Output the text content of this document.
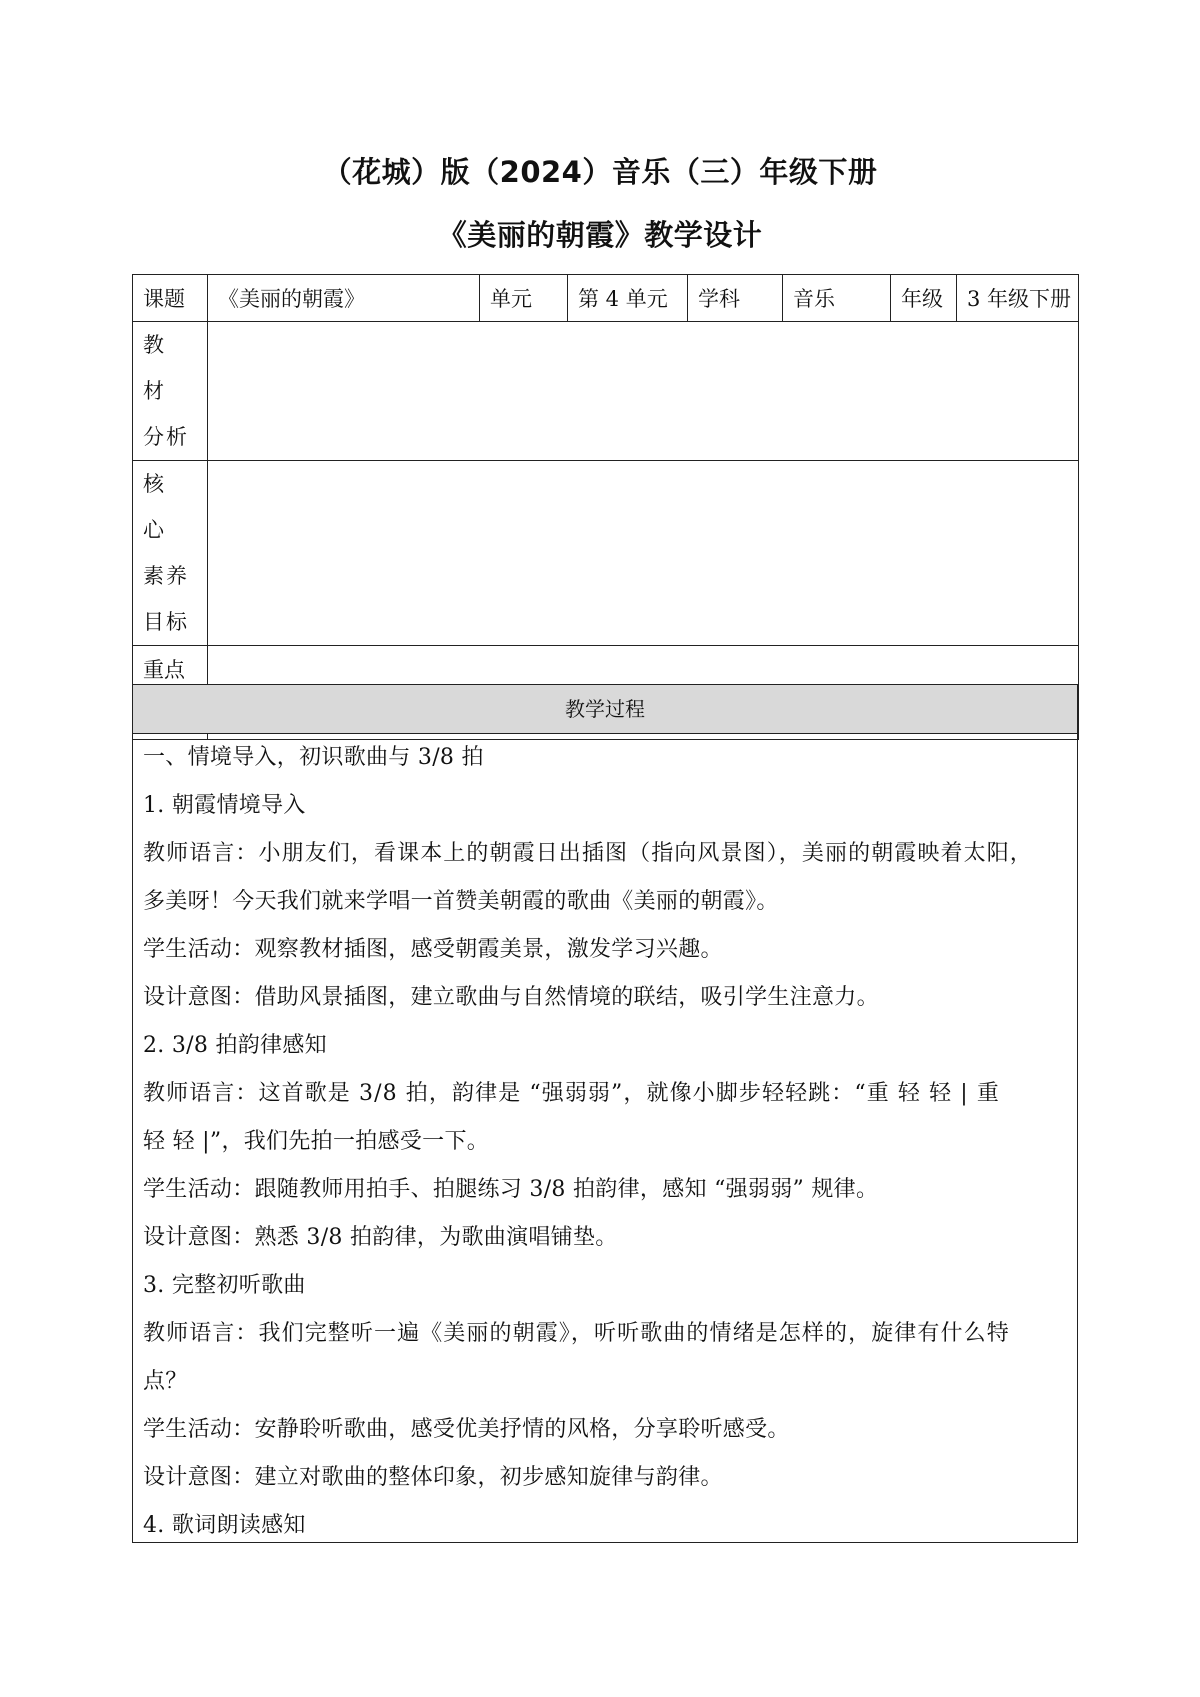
（花城）版（2024）音乐（三）年级下册
《美丽的朝霞》教学设计
课题	《美丽的朝霞》	单元	第 4 单元	学科	音乐	年级	3 年级下册

教 材
分析							

核 心
素养
目标							

重点							

教学过程
一、情境导入，初识歌曲与 3/8 拍
1. 朝霞情境导入
教师语言：小朋友们，看课本上的朝霞日出插图（指向风景图），美丽的朝霞映着太阳，
多美呀！今天我们就来学唱一首赞美朝霞的歌曲《美丽的朝霞》。
学生活动：观察教材插图，感受朝霞美景，激发学习兴趣。
设计意图：借助风景插图，建立歌曲与自然情境的联结，吸引学生注意力。
2. 3/8 拍韵律感知
教师语言：这首歌是 3/8 拍，韵律是 “强弱弱”，就像小脚步轻轻跳：“重 轻 轻 | 重
轻 轻 |”，我们先拍一拍感受一下。
学生活动：跟随教师用拍手、拍腿练习 3/8 拍韵律，感知 “强弱弱” 规律。
设计意图：熟悉 3/8 拍韵律，为歌曲演唱铺垫。
3. 完整初听歌曲
教师语言：我们完整听一遍《美丽的朝霞》，听听歌曲的情绪是怎样的，旋律有什么特
点？
学生活动：安静聆听歌曲，感受优美抒情的风格，分享聆听感受。
设计意图：建立对歌曲的整体印象，初步感知旋律与韵律。
4. 歌词朗读感知
